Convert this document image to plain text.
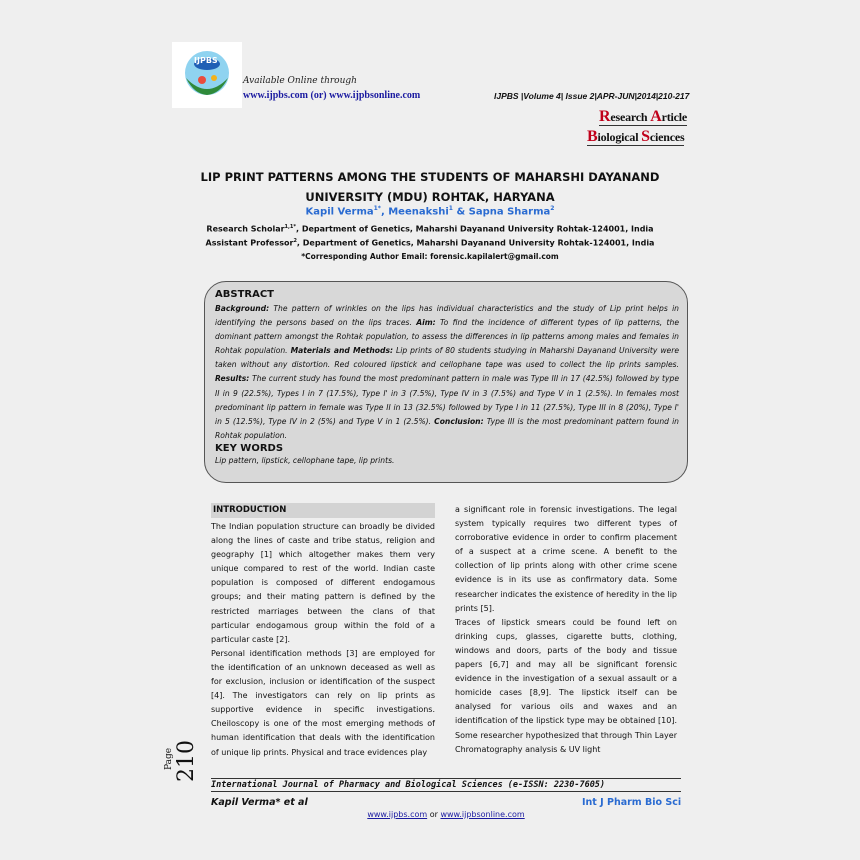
IJPBS
Available Online through
www.ijpbs.com (or) www.ijpbsonline.com	IJPBS |Volume 4| Issue 2|APR-JUN|2014|210-217
Research Article
Biological Sciences
LIP PRINT PATTERNS AMONG THE STUDENTS OF MAHARSHI DAYANAND
UNIVERSITY (MDU) ROHTAK, HARYANA
Kapil Verma$^{1*}$, Meenakshi$^1$ & Sapna Sharma$^2$
Research Scholar$^{1,1*}$, Department of Genetics, Maharshi Dayanand University Rohtak-124001, India
Assistant Professor$^2$, Department of Genetics, Maharshi Dayanand University Rohtak-124001, India
*Corresponding Author Email: forensic.kapilalert@gmail.com
ABSTRACT
Background: The pattern of wrinkles on the lips has individual characteristics and the study of Lip print helps in identifying the persons based on the lips traces. Aim: To find the incidence of different types of lip patterns, the dominant pattern amongst the Rohtak population, to assess the differences in lip patterns among males and females in Rohtak population. Materials and Methods: Lip prints of 80 students studying in Maharshi Dayanand University were taken without any distortion. Red coloured lipstick and cellophane tape was used to collect the lip prints samples. Results: The current study has found the most predominant pattern in male was Type III in 17 (42.5%) followed by type II in 9 (22.5%), Types I in 7 (17.5%), Type I' in 3 (7.5%), Type IV in 3 (7.5%) and Type V in 1 (2.5%). In females most predominant lip pattern in female was Type II in 13 (32.5%) followed by Type I in 11 (27.5%), Type III in 8 (20%), Type I' in 5 (12.5%), Type IV in 2 (5%) and Type V in 1 (2.5%). Conclusion: Type III is the most predominant pattern found in Rohtak population.
KEY WORDS
Lip pattern, lipstick, cellophane tape, lip prints.
INTRODUCTION

The Indian population structure can broadly be divided along the lines of caste and tribe status, religion and geography [1] which altogether makes them very unique compared to rest of the world. Indian caste population is composed of different endogamous groups; and their mating pattern is defined by the restricted marriages between the clans of that particular endogamous group within the fold of a particular caste [2].

Personal identification methods [3] are employed for the identification of an unknown deceased as well as for exclusion, inclusion or identification of the suspect [4]. The investigators can rely on lip prints as supportive evidence in specific investigations. Cheiloscopy is one of the most emerging methods of human identification that deals with the identification of unique lip prints. Physical and trace evidences play

a significant role in forensic investigations. The legal system typically requires two different types of corroborative evidence in order to confirm placement of a suspect at a crime scene. A benefit to the collection of lip prints along with other crime scene evidence is in its use as confirmatory data. Some researcher indicates the existence of heredity in the lip prints [5].

Traces of lipstick smears could be found left on drinking cups, glasses, cigarette butts, clothing, windows and doors, parts of the body and tissue papers [6,7] and may all be significant forensic evidence in the investigation of a sexual assault or a homicide cases [8,9]. The lipstick itself can be analysed for various oils and waxes and an identification of the lipstick type may be obtained [10]. Some researcher hypothesized that through Thin Layer Chromatography analysis & UV light

Page 210
International Journal of Pharmacy and Biological Sciences (e-ISSN: 2230-7605)
Kapil Verma* et al	Int J Pharm Bio Sci
www.ijpbs.com or www.ijpbsonline.com
